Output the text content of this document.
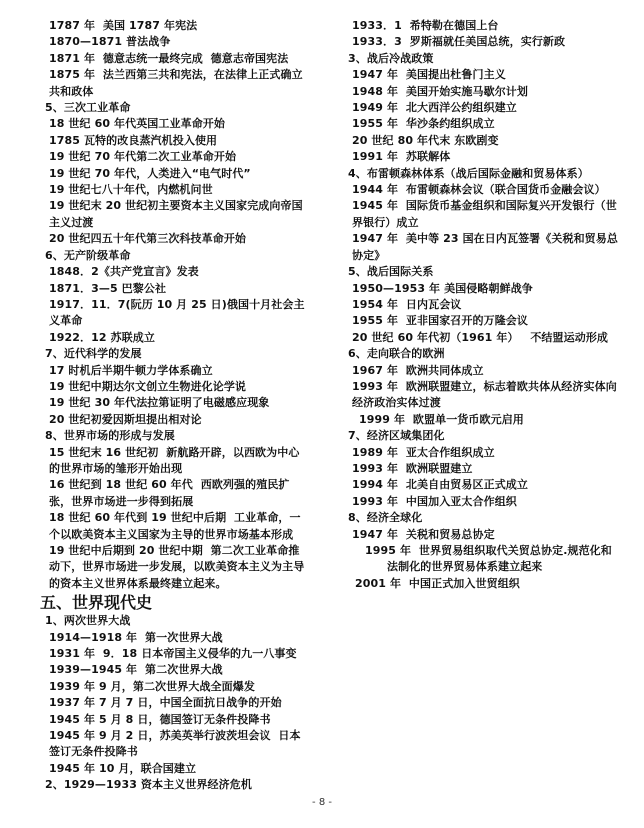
1787 年  美国 1787 年宪法
1870—1871 普法战争
1871 年  德意志统一最终完成  德意志帝国宪法
1875 年  法兰西第三共和宪法，在法律上正式确立共和政体
5、三次工业革命
18 世纪 60 年代英国工业革命开始
1785 瓦特的改良蒸汽机投入使用
19 世纪 70 年代第二次工业革命开始
19 世纪 70 年代，人类进入“电气时代”
19 世纪七八十年代，内燃机问世
19 世纪末 20 世纪初主要资本主义国家完成向帝国主义过渡
20 世纪四五十年代第三次科技革命开始
6、无产阶级革命
1848．2《共产党宣言》发表
1871．3—5 巴黎公社
1917．11．7(阮历 10 月 25 日)俄国十月社会主义革命
1922．12 苏联成立
7、近代科学的发展
17 时机后半期牛顿力学体系确立
19 世纪中期达尔文创立生物进化论学说
19 世纪 30 年代法拉第证明了电磁感应现象
20 世纪初爱因斯坦提出相对论
8、世界市场的形成与发展
15 世纪末 16 世纪初  新航路开辟，以西欧为中心的世界市场的雏形开始出现
16 世纪到 18 世纪 60 年代  西欧列强的殖民扩张，世界市场进一步得到拓展
18 世纪 60 年代到 19 世纪中后期  工业革命，一个以欧美资本主义国家为主导的世界市场基本形成
19 世纪中后期到 20 世纪中期  第二次工业革命推动下，世界市场进一步发展，以欧美资本主义为主导的资本主义世界体系最终建立起来。
五、世界现代史
1、两次世界大战
1914—1918 年  第一次世界大战
1931 年  9．18 日本帝国主义侵华的九一八事变
1939—1945 年  第二次世界大战
1939 年 9 月，第二次世界大战全面爆发
1937 年 7 月 7 日，中国全面抗日战争的开始
1945 年 5 月 8 日，德国签订无条件投降书
1945 年 9 月 2 日，苏美英举行波茨坦会议  日本签订无条件投降书
1945 年 10 月，联合国建立
2、1929—1933 资本主义世界经济危机
1933．1  希特勒在德国上台
1933．3  罗斯福就任美国总统，实行新政
3、战后冷战政策
1947 年  美国提出杜鲁门主义
1948 年  美国开始实施马歇尔计划
1949 年  北大西洋公约组织建立
1955 年  华沙条约组织成立
20 世纪 80 年代末 东欧剧变
1991 年  苏联解体
4、布雷顿森林体系（战后国际金融和贸易体系）
1944 年  布雷顿森林会议（联合国货币金融会议）
1945 年  国际货币基金组织和国际复兴开发银行（世界银行）成立
1947 年  美中等 23 国在日内瓦签署《关税和贸易总协定》
5、战后国际关系
1950—1953 年 美国侵略朝鲜战争
1954 年  日内瓦会议
1955 年  亚非国家召开的万隆会议
20 世纪 60 年代初（1961 年）   不结盟运动形成
6、走向联合的欧洲
1967 年  欧洲共同体成立
1993 年  欧洲联盟建立，标志着欧共体从经济实体向经济政治实体过渡
1999 年  欧盟单一货币欧元启用
7、经济区域集团化
1989 年  亚太合作组织成立
1993 年  欧洲联盟建立
1994 年  北美自由贸易区正式成立
1993 年  中国加入亚太合作组织
8、经济全球化
1947 年  关税和贸易总协定
1995 年  世界贸易组织取代关贸总协定.规范化和法制化的世界贸易体系建立起来
2001 年  中国正式加入世贸组织
- 8 -
